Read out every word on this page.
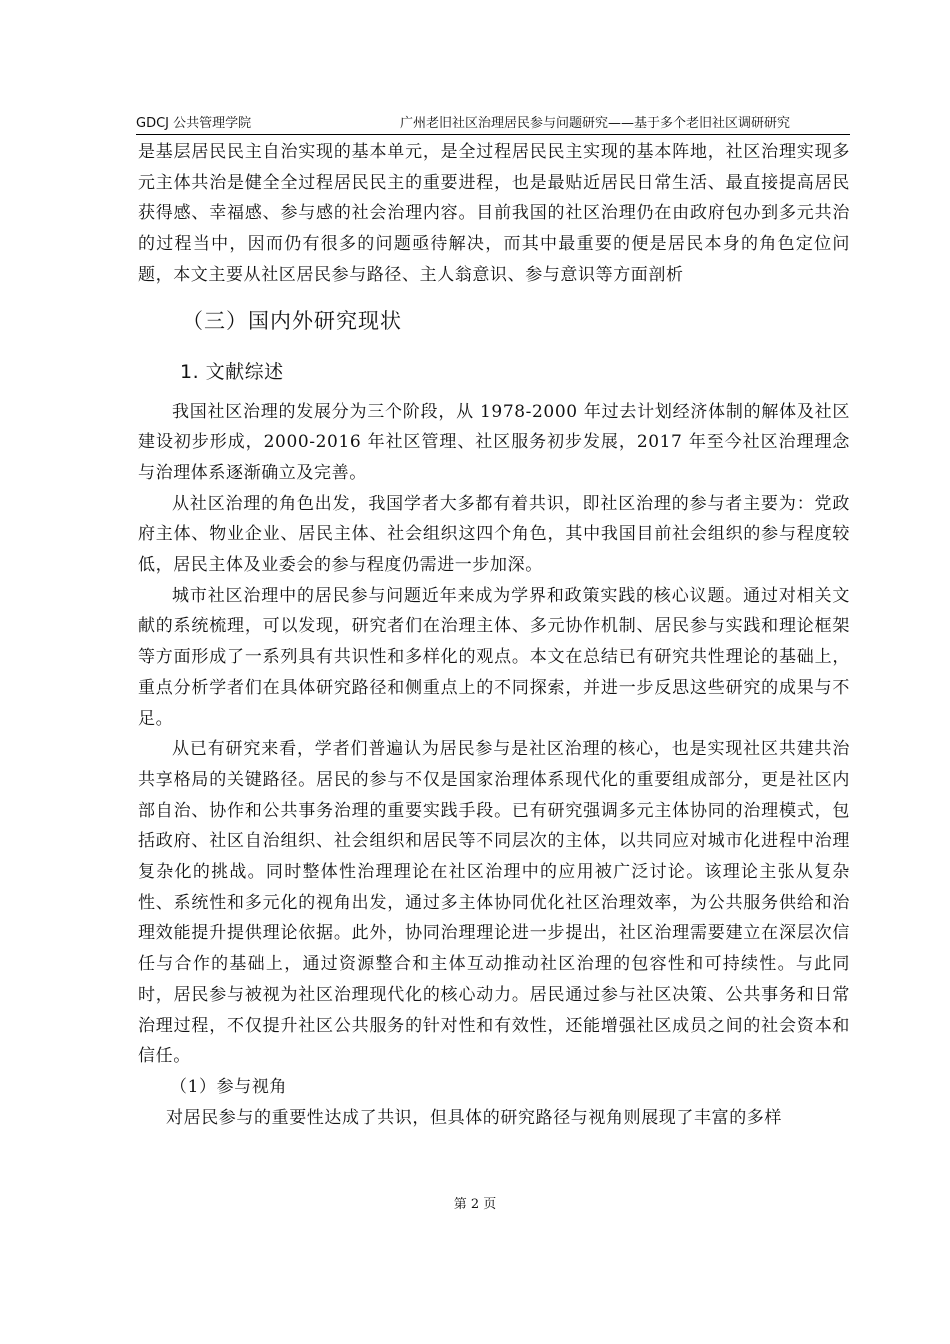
GDCJ 公共管理学院	广州老旧社区治理居民参与问题研究——基于多个老旧社区调研研究

是基层居民民主自治实现的基本单元，是全过程居民民主实现的基本阵地，社区治理实现多元主体共治是健全全过程居民民主的重要进程，也是最贴近居民日常生活、最直接提高居民获得感、幸福感、参与感的社会治理内容。目前我国的社区治理仍在由政府包办到多元共治的过程当中，因而仍有很多的问题亟待解决，而其中最重要的便是居民本身的角色定位问题，本文主要从社区居民参与路径、主人翁意识、参与意识等方面剖析

（三）国内外研究现状
1. 文献综述

我国社区治理的发展分为三个阶段，从 1978-2000 年过去计划经济体制的解体及社区建设初步形成，2000-2016 年社区管理、社区服务初步发展，2017 年至今社区治理理念与治理体系逐渐确立及完善。

从社区治理的角色出发，我国学者大多都有着共识，即社区治理的参与者主要为：党政府主体、物业企业、居民主体、社会组织这四个角色，其中我国目前社会组织的参与程度较低，居民主体及业委会的参与程度仍需进一步加深。

城市社区治理中的居民参与问题近年来成为学界和政策实践的核心议题。通过对相关文献的系统梳理，可以发现，研究者们在治理主体、多元协作机制、居民参与实践和理论框架等方面形成了一系列具有共识性和多样化的观点。本文在总结已有研究共性理论的基础上，重点分析学者们在具体研究路径和侧重点上的不同探索，并进一步反思这些研究的成果与不足。

从已有研究来看，学者们普遍认为居民参与是社区治理的核心，也是实现社区共建共治共享格局的关键路径。居民的参与不仅是国家治理体系现代化的重要组成部分，更是社区内部自治、协作和公共事务治理的重要实践手段。已有研究强调多元主体协同的治理模式，包括政府、社区自治组织、社会组织和居民等不同层次的主体，以共同应对城市化进程中治理复杂化的挑战。同时整体性治理理论在社区治理中的应用被广泛讨论。该理论主张从复杂性、系统性和多元化的视角出发，通过多主体协同优化社区治理效率，为公共服务供给和治理效能提升提供理论依据。此外，协同治理理论进一步提出，社区治理需要建立在深层次信任与合作的基础上，通过资源整合和主体互动推动社区治理的包容性和可持续性。与此同时，居民参与被视为社区治理现代化的核心动力。居民通过参与社区决策、公共事务和日常治理过程，不仅提升社区公共服务的针对性和有效性，还能增强社区成员之间的社会资本和信任。

（1）参与视角

对居民参与的重要性达成了共识，但具体的研究路径与视角则展现了丰富的多样

第 2 页
